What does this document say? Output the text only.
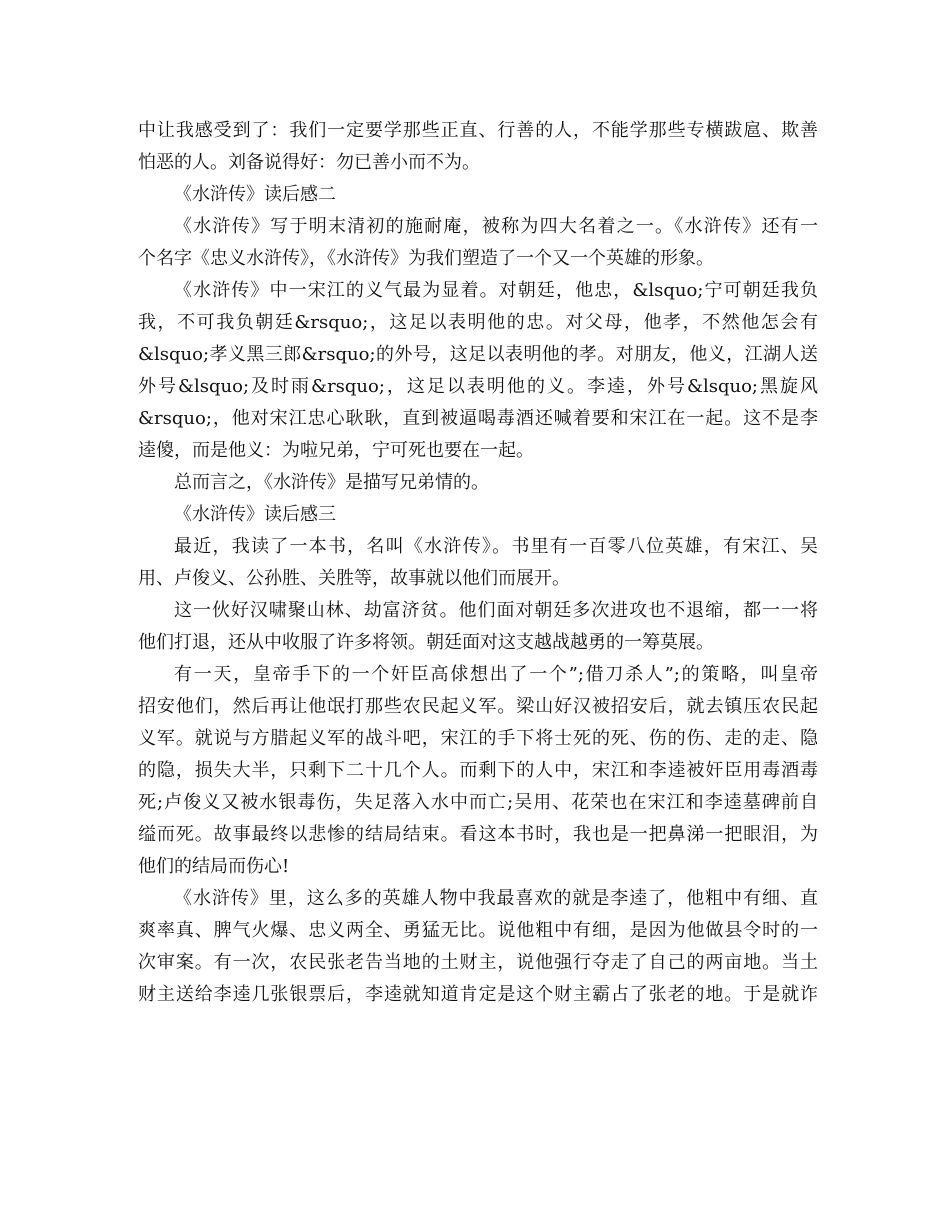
中让我感受到了：我们一定要学那些正直、行善的人，不能学那些专横跋扈、欺善
怕恶的人。刘备说得好：勿已善小而不为。
《水浒传》读后感二
《水浒传》写于明末清初的施耐庵，被称为四大名着之一。《水浒传》还有一
个名字《忠义水浒传》，《水浒传》为我们塑造了一个又一个英雄的形象。
《水浒传》中一宋江的义气最为显着。对朝廷，他忠，&lsquo;宁可朝廷我负
我，不可我负朝廷&rsquo;，这足以表明他的忠。对父母，他孝，不然他怎会有
&lsquo;孝义黑三郎&rsquo;的外号，这足以表明他的孝。对朋友，他义，江湖人送
外号&lsquo;及时雨&rsquo;，这足以表明他的义。李逵，外号&lsquo;黑旋风
&rsquo;，他对宋江忠心耿耿，直到被逼喝毒酒还喊着要和宋江在一起。这不是李
逵傻，而是他义：为啦兄弟，宁可死也要在一起。
总而言之，《水浒传》是描写兄弟情的。
《水浒传》读后感三
最近，我读了一本书，名叫《水浒传》。书里有一百零八位英雄，有宋江、吴
用、卢俊义、公孙胜、关胜等，故事就以他们而展开。
这一伙好汉啸聚山林、劫富济贫。他们面对朝廷多次进攻也不退缩，都一一将
他们打退，还从中收服了许多将领。朝廷面对这支越战越勇的一筹莫展。
有一天，皇帝手下的一个奸臣高俅想出了一个”;借刀杀人”;的策略，叫皇帝
招安他们，然后再让他氓打那些农民起义军。梁山好汉被招安后，就去镇压农民起
义军。就说与方腊起义军的战斗吧，宋江的手下将士死的死、伤的伤、走的走、隐
的隐，损失大半，只剩下二十几个人。而剩下的人中，宋江和李逵被奸臣用毒酒毒
死;卢俊义又被水银毒伤，失足落入水中而亡;吴用、花荣也在宋江和李逵墓碑前自
缢而死。故事最终以悲惨的结局结束。看这本书时，我也是一把鼻涕一把眼泪，为
他们的结局而伤心!
《水浒传》里，这么多的英雄人物中我最喜欢的就是李逵了，他粗中有细、直
爽率真、脾气火爆、忠义两全、勇猛无比。说他粗中有细，是因为他做县令时的一
次审案。有一次，农民张老告当地的土财主，说他强行夺走了自己的两亩地。当土
财主送给李逵几张银票后，李逵就知道肯定是这个财主霸占了张老的地。于是就诈
